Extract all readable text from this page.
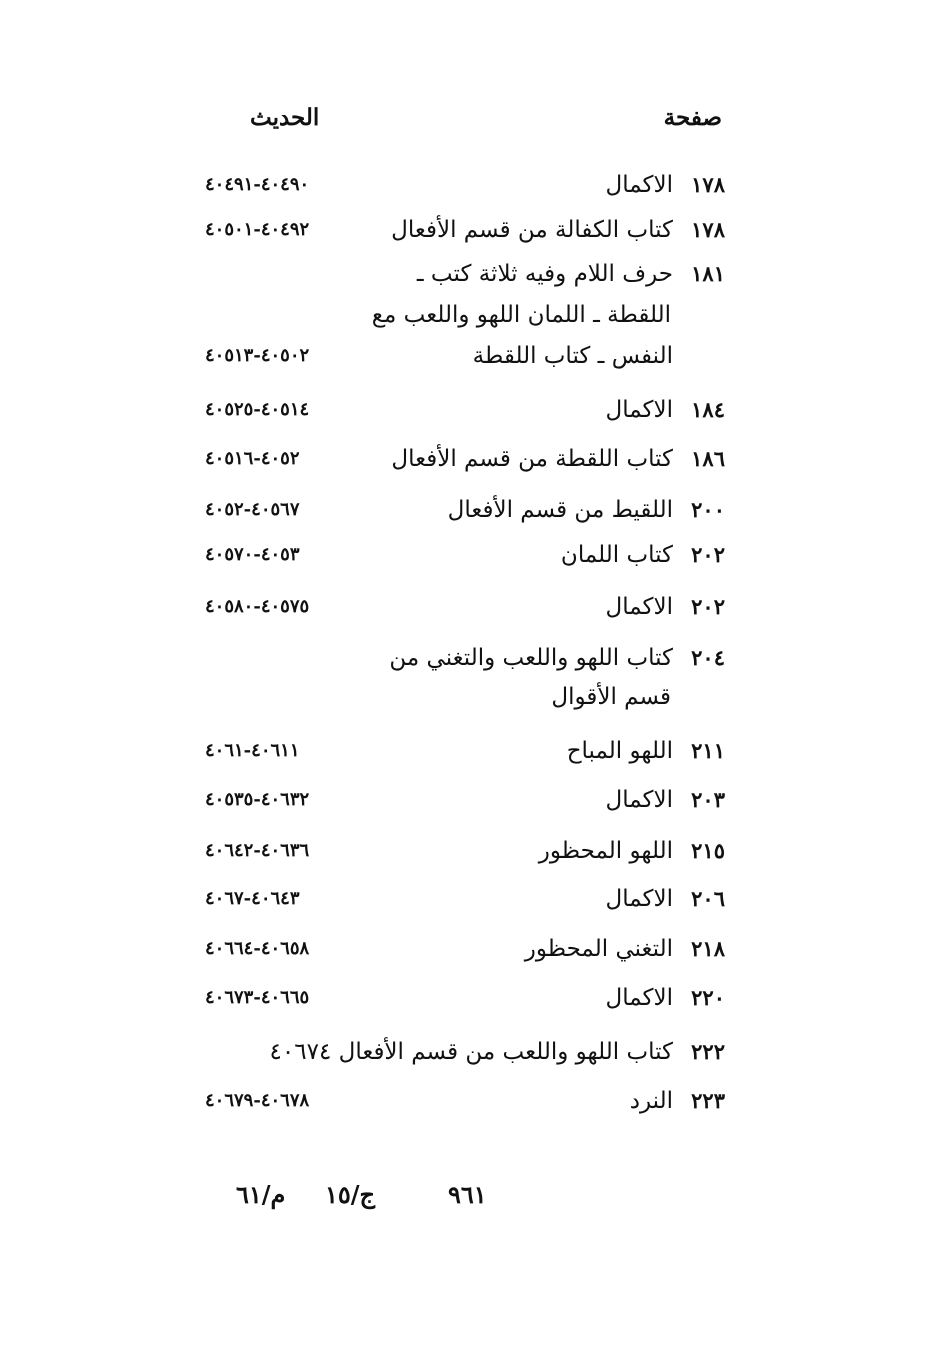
صفحة
الحديث
١٧٨
الاكمال
٤٠٤٩٠-٤٠٤٩١
١٧٨
كتاب الكفالة من قسم الأفعال
٤٠٤٩٢-٤٠٥٠١
١٨١
حرف اللام وفيه ثلاثة كتب ـ
اللقطة ـ اللمان اللهو واللعب مع
النفس ـ كتاب اللقطة
٤٠٥٠٢-٤٠٥١٣
١٨٤
الاكمال
٤٠٥١٤-٤٠٥٢٥
١٨٦
كتاب اللقطة من قسم الأفعال
٤٠٥٢-٤٠٥١٦
٢٠٠
اللقيط من قسم الأفعال
٤٠٥٦٧-٤٠٥٢
٢٠٢
كتاب اللمان
٤٠٥٣-٤٠٥٧٠
٢٠٢
الاكمال
٤٠٥٧٥-٤٠٥٨٠
٢٠٤
كتاب اللهو واللعب والتغني من
قسم الأقوال
٢١١
اللهو المباح
٤٠٦١١-٤٠٦١
٢٠٣
الاكمال
٤٠٦٣٢-٤٠٥٣٥
٢١٥
اللهو المحظور
٤٠٦٣٦-٤٠٦٤٢
٢٠٦
الاكمال
٤٠٦٤٣-٤٠٦٧
٢١٨
التغني المحظور
٤٠٦٥٨-٤٠٦٦٤
٢٢٠
الاكمال
٤٠٦٦٥-٤٠٦٧٣
٢٢٢
كتاب اللهو واللعب من قسم الأفعال ٤٠٦٧٤
٢٢٣
النرد
٤٠٦٧٨-٤٠٦٧٩
م/٦١ ج/١٥	٩٦١
